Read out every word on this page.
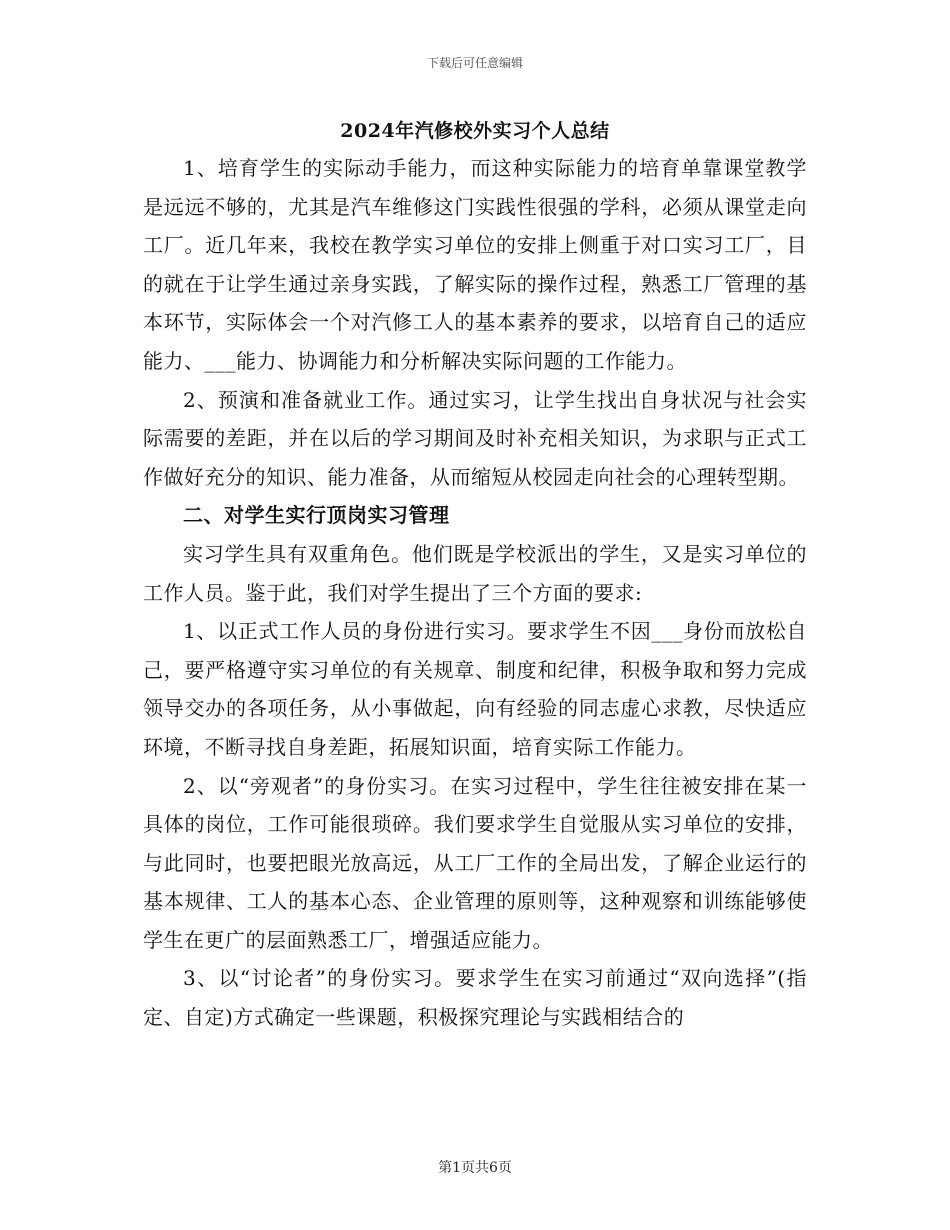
下载后可任意编辑
2024年汽修校外实习个人总结

1、培育学生的实际动手能力，而这种实际能力的培育单靠课堂教学是远远不够的，尤其是汽车维修这门实践性很强的学科，必须从课堂走向工厂。近几年来，我校在教学实习单位的安排上侧重于对口实习工厂，目的就在于让学生通过亲身实践，了解实际的操作过程，熟悉工厂管理的基本环节，实际体会一个对汽修工人的基本素养的要求，以培育自己的适应能力、___能力、协调能力和分析解决实际问题的工作能力。

2、预演和准备就业工作。通过实习，让学生找出自身状况与社会实际需要的差距，并在以后的学习期间及时补充相关知识，为求职与正式工作做好充分的知识、能力准备，从而缩短从校园走向社会的心理转型期。

二、对学生实行顶岗实习管理

实习学生具有双重角色。他们既是学校派出的学生，又是实习单位的工作人员。鉴于此，我们对学生提出了三个方面的要求:

1、以正式工作人员的身份进行实习。要求学生不因___身份而放松自己，要严格遵守实习单位的有关规章、制度和纪律，积极争取和努力完成领导交办的各项任务，从小事做起，向有经验的同志虚心求教，尽快适应环境，不断寻找自身差距，拓展知识面，培育实际工作能力。

2、以“旁观者”的身份实习。在实习过程中，学生往往被安排在某一具体的岗位，工作可能很琐碎。我们要求学生自觉服从实习单位的安排，与此同时，也要把眼光放高远，从工厂工作的全局出发，了解企业运行的基本规律、工人的基本心态、企业管理的原则等，这种观察和训练能够使学生在更广的层面熟悉工厂，增强适应能力。

3、以“讨论者”的身份实习。要求学生在实习前通过“双向选择”(指定、自定)方式确定一些课题，积极探究理论与实践相结合的

第1页共6页
